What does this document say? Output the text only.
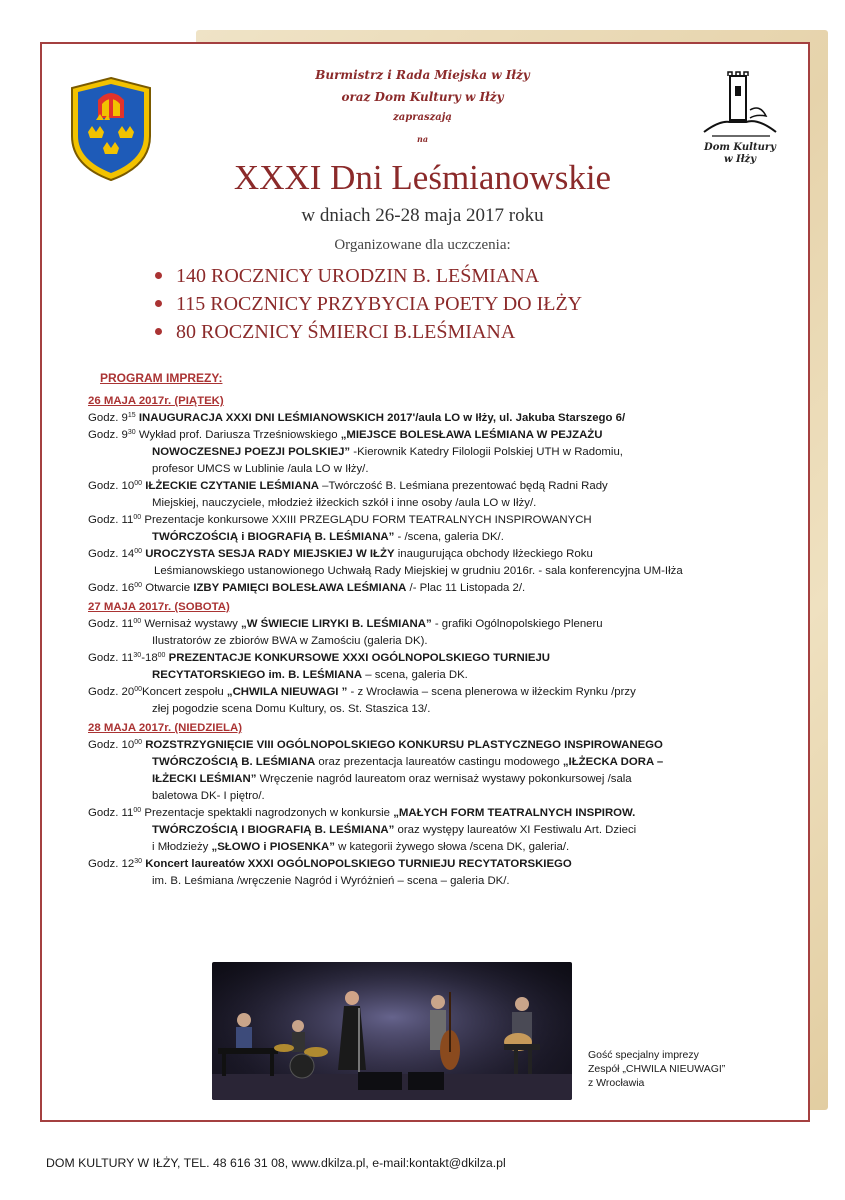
Dom Kultury
w Iłży
Burmistrz i Rada Miejska w Iłży
oraz Dom Kultury w Iłży
zapraszają
na
XXXI Dni Leśmianowskie
w dniach 26-28 maja 2017 roku
Organizowane dla uczczenia:
140 ROCZNICY URODZIN B. LEŚMIANA
115 ROCZNICY PRZYBYCIA POETY DO IŁŻY
80 ROCZNICY ŚMIERCI B.LEŚMIANA
PROGRAM IMPREZY:
26 MAJA 2017r. (PIĄTEK)
Godz. $9^{15}$ INAUGURACJA XXXI DNI LEŚMIANOWSKICH 2017'/aula LO w Iłży, ul. Jakuba Starszego 6/
Godz. $9^{30}$ Wykład prof. Dariusza Trześniowskiego „MIEJSCE BOLESŁAWA LEŚMIANA W PEJZAŻU
NOWOCZESNEJ POEZJI POLSKIEJ” -Kierownik Katedry Filologii Polskiej UTH w Radomiu,
profesor UMCS w Lublinie /aula LO w Iłży/.
Godz. $10^{00}$ IŁŻECKIE CZYTANIE LEŚMIANA –Twórczość B. Leśmiana prezentować będą Radni Rady
Miejskiej, nauczyciele, młodzież iłżeckich szkół i inne osoby /aula LO w Iłży/.
Godz. $11^{00}$ Prezentacje konkursowe XXIII PRZEGLĄDU FORM TEATRALNYCH INSPIROWANYCH
TWÓRCZOŚCIĄ i BIOGRAFIĄ B. LEŚMIANA” - /scena, galeria DK/.
Godz. $14^{00}$ UROCZYSTA SESJA RADY MIEJSKIEJ W IŁŻY inaugurująca obchody Iłżeckiego Roku
Leśmianowskiego ustanowionego Uchwałą Rady Miejskiej w grudniu 2016r. - sala konferencyjna UM-Iłża
Godz. $16^{00}$ Otwarcie IZBY PAMIĘCI BOLESŁAWA LEŚMIANA /- Plac 11 Listopada 2/.
27 MAJA 2017r. (SOBOTA)
Godz. $11^{00}$ Wernisaż wystawy „W ŚWIECIE LIRYKI B. LEŚMIANA” - grafiki Ogólnopolskiego Pleneru
Ilustratorów ze zbiorów BWA w Zamościu (galeria DK).
Godz. $11^{30}-18^{00}$ PREZENTACJE KONKURSOWE XXXI OGÓLNOPOLSKIEGO TURNIEJU
RECYTATORSKIEGO im. B. LEŚMIANA – scena, galeria DK.
Godz. $20^{00}Koncert$ zespołu „CHWILA NIEUWAGI ” - z Wrocławia – scena plenerowa w iłżeckim Rynku /przy
złej pogodzie scena Domu Kultury, os. St. Staszica 13/.
28 MAJA 2017r. (NIEDZIELA)
Godz. $10^{00}$ ROZSTRZYGNIĘCIE VIII OGÓLNOPOLSKIEGO KONKURSU PLASTYCZNEGO INSPIROWANEGO
TWÓRCZOŚCIĄ B. LEŚMIANA oraz prezentacja laureatów castingu modowego „IŁŻECKA DORA –
IŁŻECKI LEŚMIAN” Wręczenie nagród laureatom oraz wernisaż wystawy pokonkursowej /sala
baletowa DK- I piętro/.
Godz. $11^{00}$ Prezentacje spektakli nagrodzonych w konkursie „MAŁYCH FORM TEATRALNYCH INSPIROW.
TWÓRCZOŚCIĄ I BIOGRAFIĄ B. LEŚMIANA” oraz występy laureatów XI Festiwalu Art. Dzieci
i Młodzieży „SŁOWO i PIOSENKA” w kategorii żywego słowa /scena DK, galeria/.
Godz. $12^{30}$ Koncert laureatów XXXI OGÓLNOPOLSKIEGO TURNIEJU RECYTATORSKIEGO
im. B. Leśmiana /wręczenie Nagród i Wyróżnień – scena – galeria DK/.
Gość specjalny imprezy
Zespół „CHWILA NIEUWAGI”
z Wrocławia
DOM KULTURY W IŁŻY, TEL. 48 616 31 08, www.dkilza.pl, e-mail:kontakt@dkilza.pl
